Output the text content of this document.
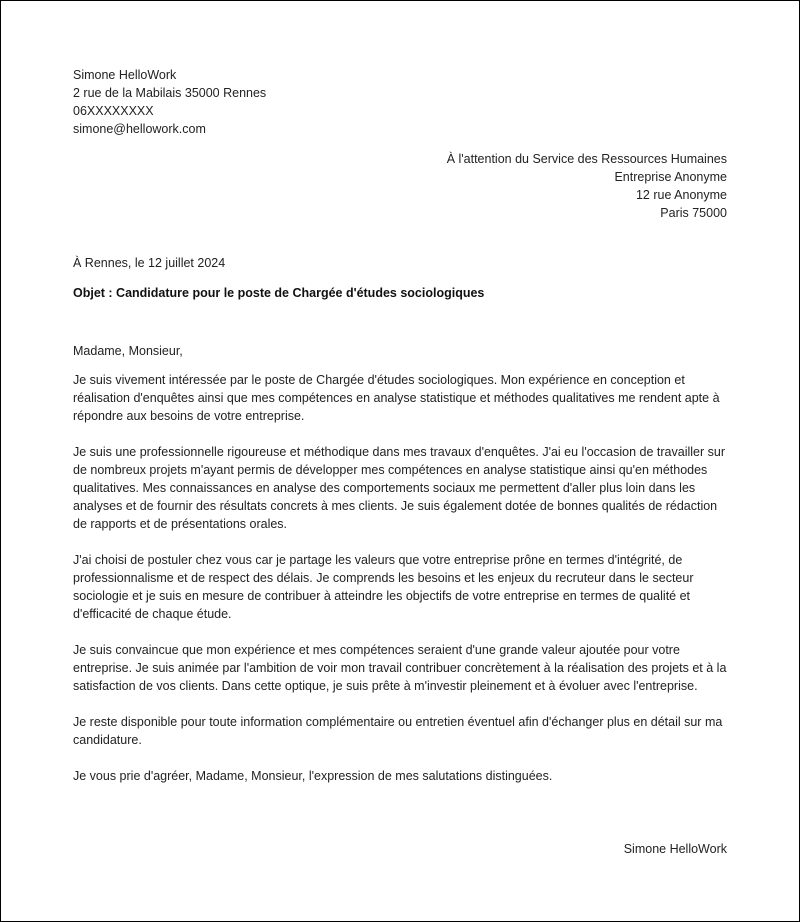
Simone HelloWork
2 rue de la Mabilais 35000 Rennes
06XXXXXXXX
simone@hellowork.com
À l'attention du Service des Ressources Humaines
Entreprise Anonyme
12 rue Anonyme
Paris 75000
À Rennes, le 12 juillet 2024
Objet : Candidature pour le poste de Chargée d'études sociologiques

Madame, Monsieur,

Je suis vivement intéressée par le poste de Chargée d'études sociologiques. Mon expérience en conception et réalisation d'enquêtes ainsi que mes compétences en analyse statistique et méthodes qualitatives me rendent apte à répondre aux besoins de votre entreprise.

Je suis une professionnelle rigoureuse et méthodique dans mes travaux d'enquêtes. J'ai eu l'occasion de travailler sur de nombreux projets m'ayant permis de développer mes compétences en analyse statistique ainsi qu'en méthodes qualitatives. Mes connaissances en analyse des comportements sociaux me permettent d'aller plus loin dans les analyses et de fournir des résultats concrets à mes clients. Je suis également dotée de bonnes qualités de rédaction de rapports et de présentations orales.

J'ai choisi de postuler chez vous car je partage les valeurs que votre entreprise prône en termes d'intégrité, de professionnalisme et de respect des délais. Je comprends les besoins et les enjeux du recruteur dans le secteur sociologie et je suis en mesure de contribuer à atteindre les objectifs de votre entreprise en termes de qualité et d'efficacité de chaque étude.

Je suis convaincue que mon expérience et mes compétences seraient d'une grande valeur ajoutée pour votre entreprise. Je suis animée par l'ambition de voir mon travail contribuer concrètement à la réalisation des projets et à la satisfaction de vos clients. Dans cette optique, je suis prête à m'investir pleinement et à évoluer avec l'entreprise.

Je reste disponible pour toute information complémentaire ou entretien éventuel afin d'échanger plus en détail sur ma candidature.

Je vous prie d'agréer, Madame, Monsieur, l'expression de mes salutations distinguées.

Simone HelloWork
